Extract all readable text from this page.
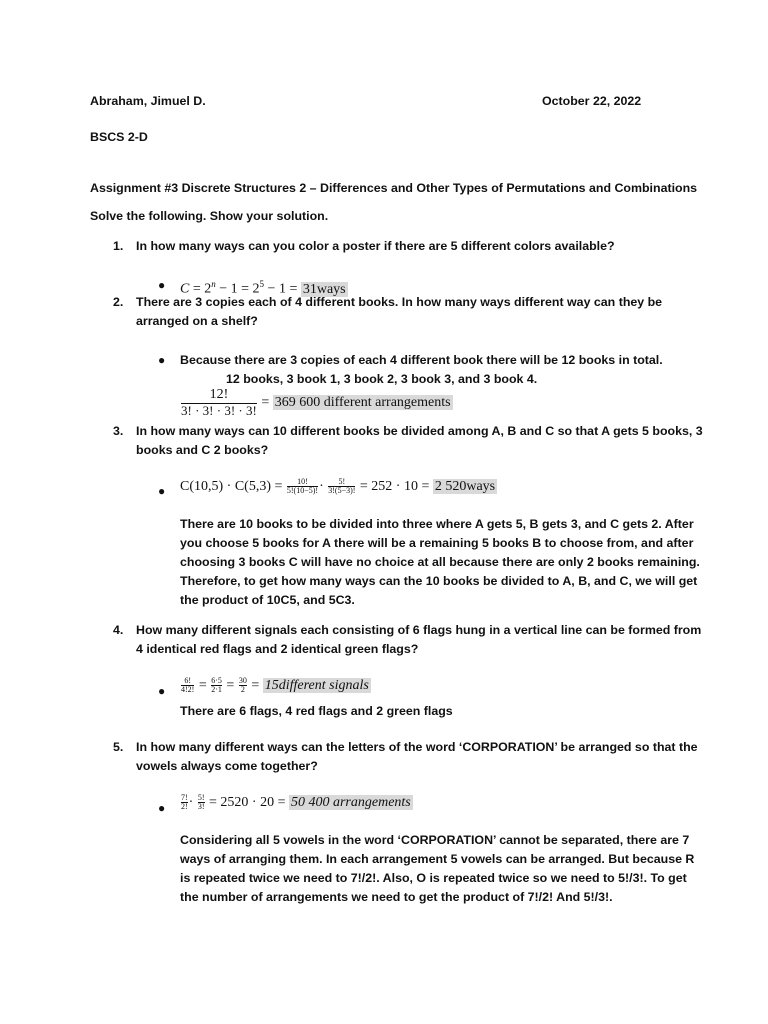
Abraham, Jimuel D.	October 22, 2022
BSCS 2-D
Assignment #3 Discrete Structures 2 – Differences and Other Types of Permutations and Combinations
Solve the following. Show your solution.
1. In how many ways can you color a poster if there are 5 different colors available?
● $C = 2^n - 1 = 2^5 - 1$ = 31ways
2. There are 3 copies each of 4 different books. In how many ways different way can they be
arranged on a shelf?
● Because there are 3 copies of each 4 different book there will be 12 books in total.
12 books, 3 book 1, 3 book 2, 3 book 3, and 3 book 4.
$\frac{12!}{3! \cdot 3! \cdot 3! \cdot 3!} = 369$ 600 different arrangements
3. In how many ways can 10 different books be divided among A, B and C so that A gets 5 books, 3
books and C 2 books?
● $C(10,5) \cdot C(5,3) = \frac{10!}{5!(10-5)!} \cdot \frac{5!}{3!(5-3)!} = 252 \cdot 10 = 2$ 520ways
There are 10 books to be divided into three where A gets 5, B gets 3, and C gets 2. After
you choose 5 books for A there will be a remaining 5 books B to choose from, and after
choosing 3 books C will have no choice at all because there are only 2 books remaining.
Therefore, to get how many ways can the 10 books be divided to A, B, and C, we will get
the product of 10C5, and 5C3.
4. How many different signals each consisting of 6 flags hung in a vertical line can be formed from
4 identical red flags and 2 identical green flags?
● $\frac{6!}{4!2!} = \frac{6\cdot 5}{2\cdot 1} = \frac{30}{2}$ = 15different signals
There are 6 flags, 4 red flags and 2 green flags
5. In how many different ways can the letters of the word ‘CORPORATION’ be arranged so that the
vowels always come together?
● $\frac{7!}{2!} \cdot \frac{5!}{3!} = 2520 \cdot 20 = 50$ 400 arrangements
Considering all 5 vowels in the word ‘CORPORATION’ cannot be separated, there are 7
ways of arranging them. In each arrangement 5 vowels can be arranged. But because R
is repeated twice we need to 7!/2!. Also, O is repeated twice so we need to 5!/3!. To get
the number of arrangements we need to get the product of 7!/2! And 5!/3!.
